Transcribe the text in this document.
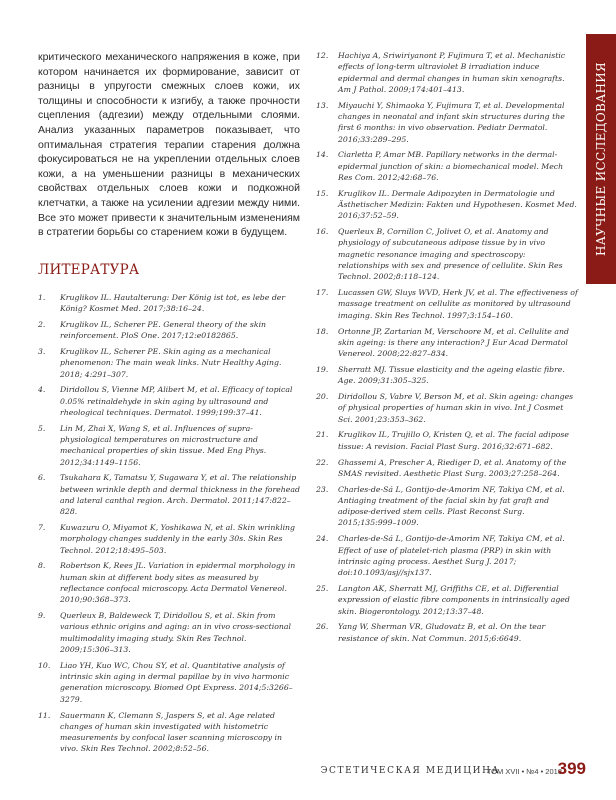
критического механического напряжения в коже, при котором начинается их формирование, зависит от разницы в упругости смежных слоев кожи, их толщины и способности к изгибу, а также прочности сцепления (адгезии) между отдельными слоями. Анализ указанных параметров показывает, что оптимальная стратегия терапии старения должна фокусироваться не на укреплении отдельных слоев кожи, а на уменьшении разницы в механических свойствах отдельных слоев кожи и подкожной клетчатки, а также на усилении адгезии между ними. Все это может привести к значительным изменениям в стратегии борьбы со старением кожи в будущем.

ЛИТЕРАТУРА
1. Kruglikov IL. Hautalterung: Der König ist tot, es lebe der König? Kosmet Med. 2017;38:16–24.
2. Kruglikov IL, Scherer PE. General theory of the skin reinforcement. PloS One. 2017;12:e0182865.
3. Kruglikov IL, Scherer PE. Skin aging as a mechanical phenomenon: The main weak links. Nutr Healthy Aging. 2018; 4:291–307.
4. Diridollou S, Vienne MP, Alibert M, et al. Efficacy of topical 0.05% retinaldehyde in skin aging by ultrasound and rheological techniques. Dermatol. 1999;199:37–41.
5. Lin M, Zhai X, Wang S, et al. Influences of supra-physiological temperatures on microstructure and mechanical properties of skin tissue. Med Eng Phys. 2012;34:1149–1156.
6. Tsukahara K, Tamatsu Y, Sugawara Y, et al. The relationship between wrinkle depth and dermal thickness in the forehead and lateral canthal region. Arch. Dermatol. 2011;147:822–828.
7. Kuwazuru O, Miyamot K, Yoshikawa N, et al. Skin wrinkling morphology changes suddenly in the early 30s. Skin Res Technol. 2012;18:495–503.
8. Robertson K, Rees JL. Variation in epidermal morphology in human skin at different body sites as measured by reflectance confocal microscopy. Acta Dermatol Venereol. 2010;90:368–373.
9. Querleux B, Baldeweck T, Diridollou S, et al. Skin from various ethnic origins and aging: an in vivo cross-sectional multimodality imaging study. Skin Res Technol. 2009;15:306–313.
10. Liao YH, Kuo WC, Chou SY, et al. Quantitative analysis of intrinsic skin aging in dermal papillae by in vivo harmonic generation microscopy. Biomed Opt Express. 2014;5:3266–3279.
11. Sauermann K, Clemann S, Jaspers S, et al. Age related changes of human skin investigated with histometric measurements by confocal laser scanning microscopy in vivo. Skin Res Technol. 2002;8:52–56.
12. Hachiya A, Sriwiriyanont P, Fujimura T, et al. Mechanistic effects of long-term ultraviolet B irradiation induce epidermal and dermal changes in human skin xenografts. Am J Pathol. 2009;174:401–413.
13. Miyauchi Y, Shimaoka Y, Fujimura T, et al. Developmental changes in neonatal and infant skin structures during the first 6 months: in vivo observation. Pediatr Dermatol. 2016;33:289–295.
14. Ciarletta P, Amar MB. Papillary networks in the dermal-epidermal junction of skin: a biomechanical model. Mech Res Com. 2012;42:68–76.
15. Kruglikov IL. Dermale Adipozyten in Dermatologie und Ästhetischer Medizin: Fakten und Hypothesen. Kosmet Med. 2016;37:52–59.
16. Querleux B, Cornillon C, Jolivet O, et al. Anatomy and physiology of subcutaneous adipose tissue by in vivo magnetic resonance imaging and spectroscopy: relationships with sex and presence of cellulite. Skin Res Technol. 2002;8:118–124.
17. Lucassen GW, Sluys WVD, Herk JV, et al. The effectiveness of massage treatment on cellulite as monitored by ultrasound imaging. Skin Res Technol. 1997;3:154–160.
18. Ortonne JP, Zartarian M, Verschoore M, et al. Cellulite and skin ageing: is there any interaction? J Eur Acad Dermatol Venereol. 2008;22:827–834.
19. Sherratt MJ. Tissue elasticity and the ageing elastic fibre. Age. 2009;31:305–325.
20. Diridollou S, Vabre V, Berson M, et al. Skin ageing: changes of physical properties of human skin in vivo. Int J Cosmet Sci. 2001;23:353–362.
21. Kruglikov IL, Trujillo O, Kristen Q, et al. The facial adipose tissue: A revision. Facial Plast Surg. 2016;32:671–682.
22. Ghassemi A, Prescher A, Riediger D, et al. Anatomy of the SMAS revisited. Aesthetic Plast Surg. 2003;27:258–264.
23. Charles-de-Sá L, Gontijo-de-Amorim NF, Takiya CM, et al. Antiaging treatment of the facial skin by fat graft and adipose-derived stem cells. Plast Reconst Surg. 2015;135:999–1009.
24. Charles-de-Sá L, Gontijo-de-Amorim NF, Takiya CM, et al. Effect of use of platelet-rich plasma (PRP) in skin with intrinsic aging process. Aesthet Surg J. 2017; doi:10.1093/asj//sjx137.
25. Langton AK, Sherratt MJ, Griffiths CE, et al. Differential expression of elastic fibre components in intrinsically aged skin. Biogerontology. 2012;13:37–48.
26. Yang W, Sherman VR, Gludovatz B, et al. On the tear resistance of skin. Nat Commun. 2015;6:6649.
НАУЧНЫЕ ИССЛЕДОВАНИЯ
ЭСТЕТИЧЕСКАЯ МЕДИЦИНА
ТОМ XVII • №4 • 2018
399
